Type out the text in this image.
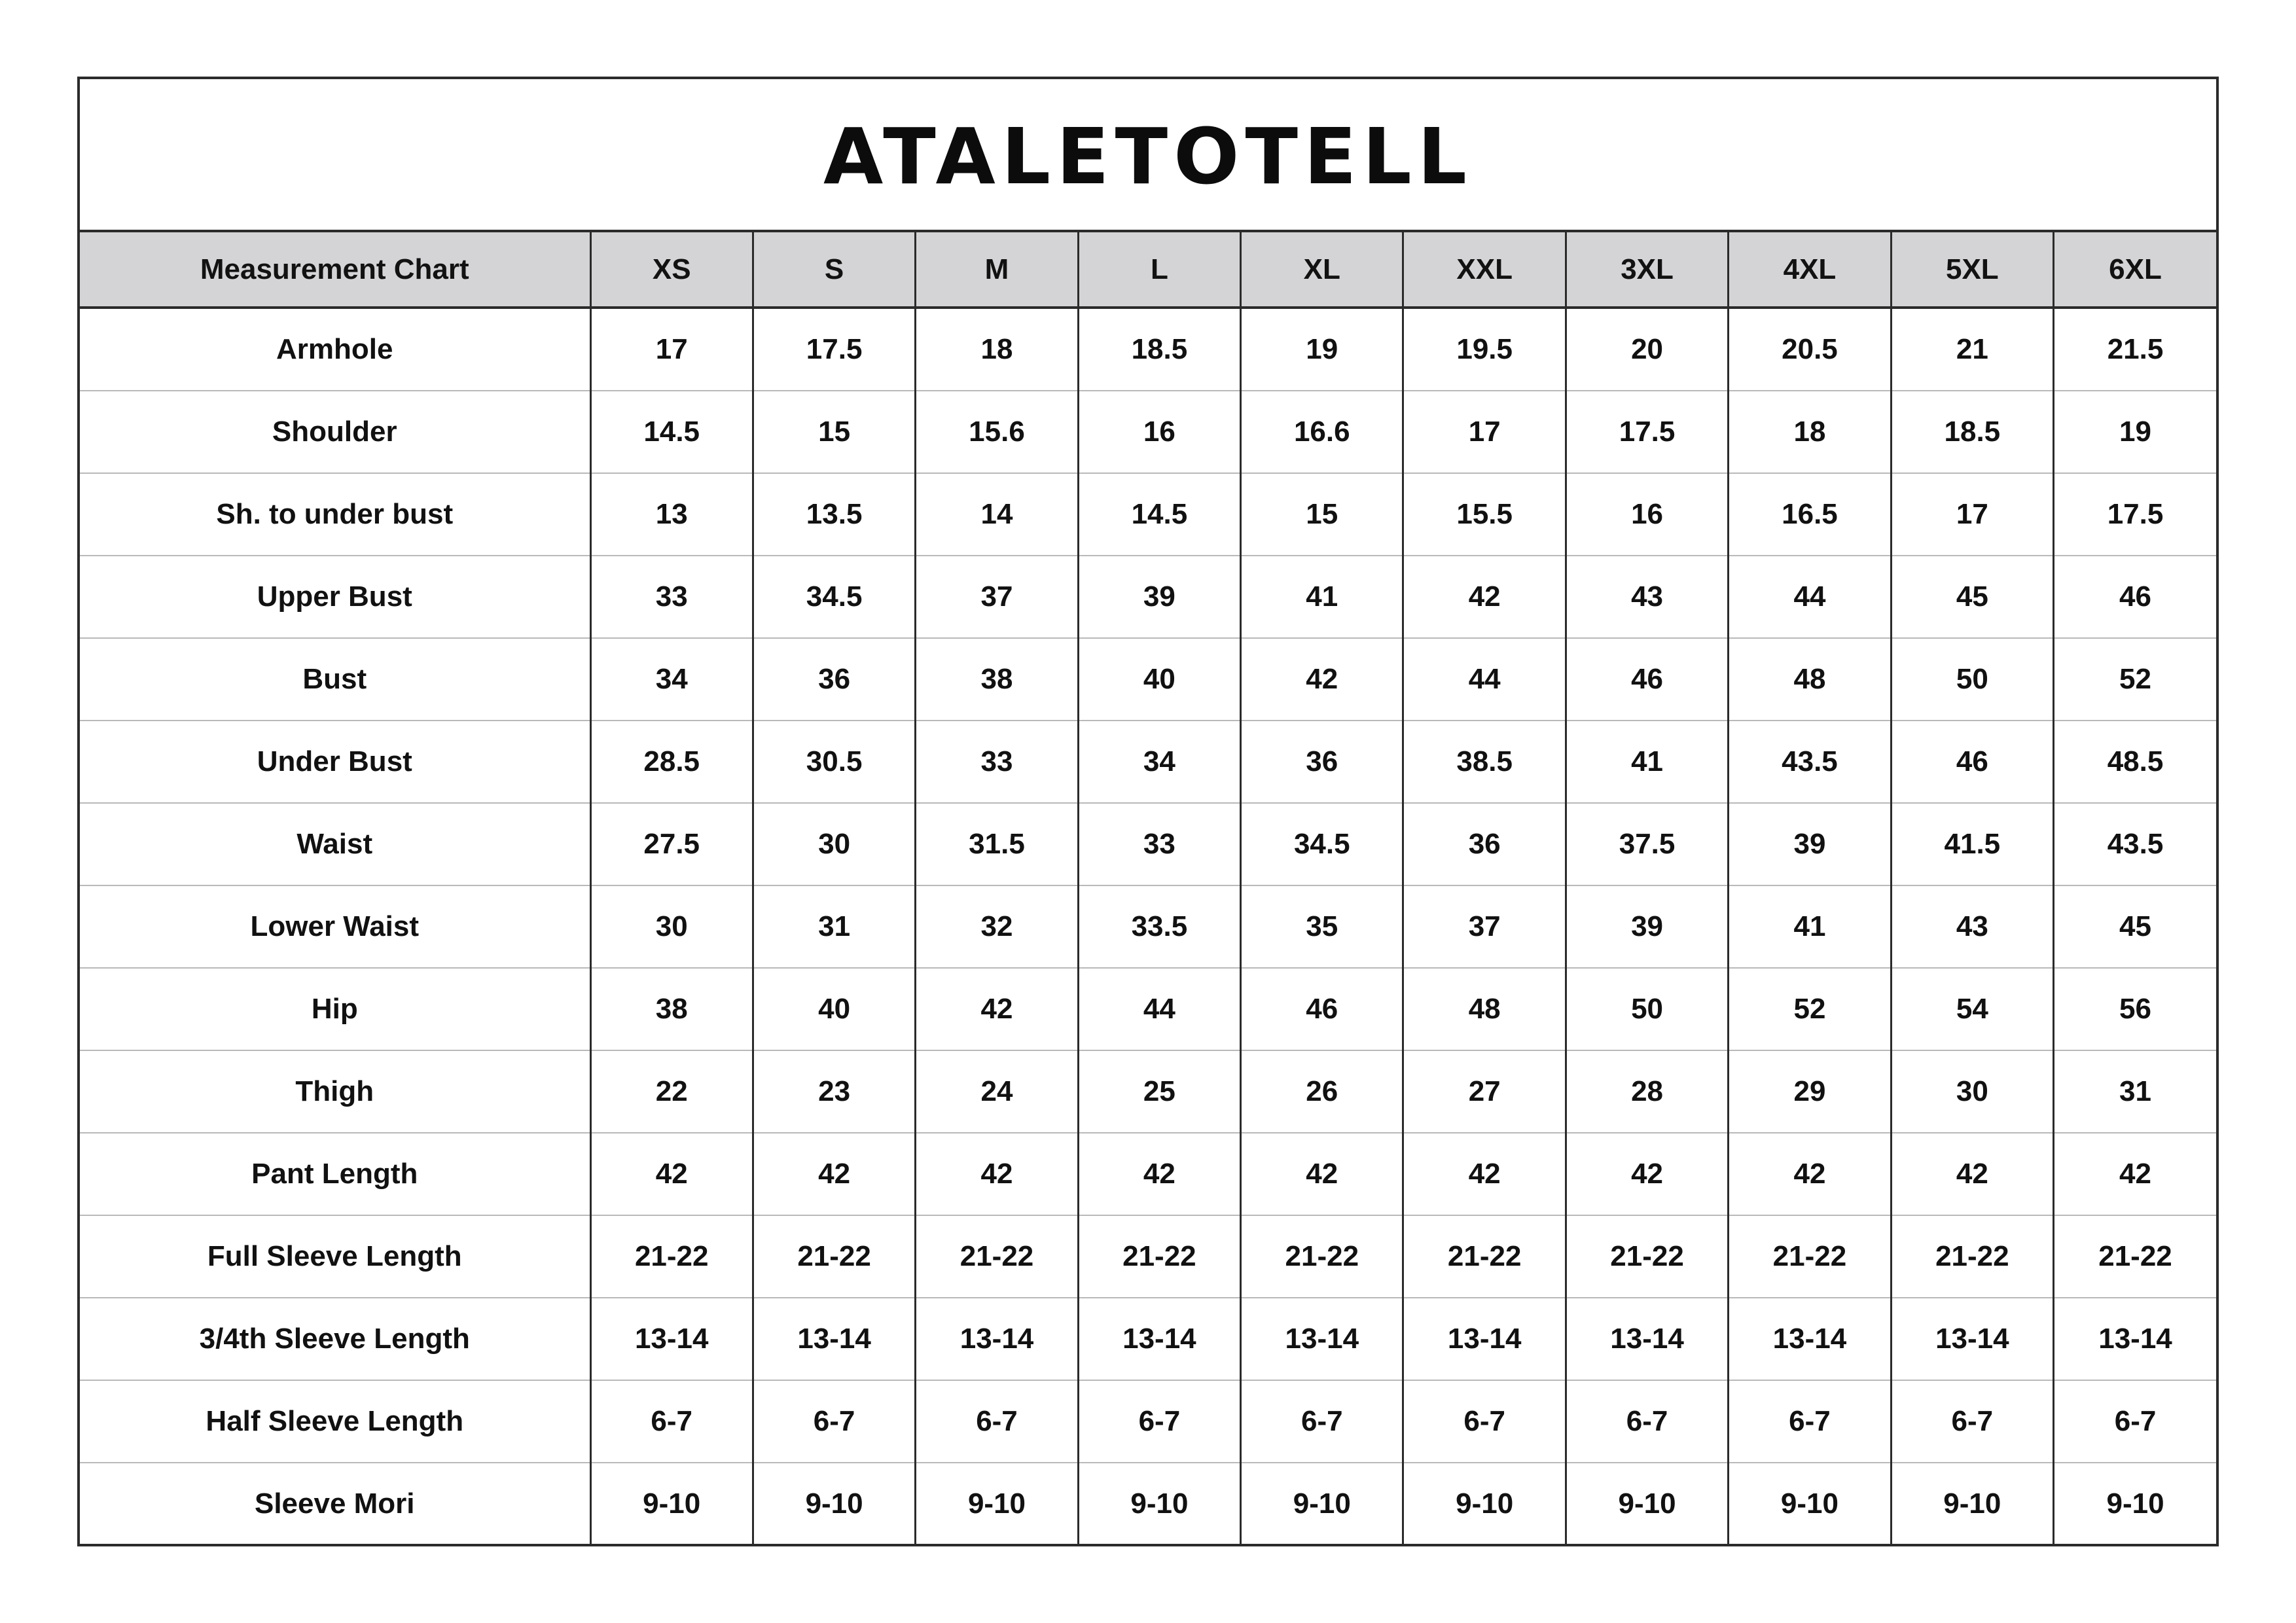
ATALETOTELL
Measurement Chart	XS	S	M	L	XL	XXL	3XL	4XL	5XL	6XL
Armhole	17	17.5	18	18.5	19	19.5	20	20.5	21	21.5
Shoulder	14.5	15	15.6	16	16.6	17	17.5	18	18.5	19
Sh. to under bust	13	13.5	14	14.5	15	15.5	16	16.5	17	17.5
Upper Bust	33	34.5	37	39	41	42	43	44	45	46
Bust	34	36	38	40	42	44	46	48	50	52
Under Bust	28.5	30.5	33	34	36	38.5	41	43.5	46	48.5
Waist	27.5	30	31.5	33	34.5	36	37.5	39	41.5	43.5
Lower Waist	30	31	32	33.5	35	37	39	41	43	45
Hip	38	40	42	44	46	48	50	52	54	56
Thigh	22	23	24	25	26	27	28	29	30	31
Pant Length	42	42	42	42	42	42	42	42	42	42
Full Sleeve Length	21-22	21-22	21-22	21-22	21-22	21-22	21-22	21-22	21-22	21-22
3/4th Sleeve Length	13-14	13-14	13-14	13-14	13-14	13-14	13-14	13-14	13-14	13-14
Half Sleeve Length	6-7	6-7	6-7	6-7	6-7	6-7	6-7	6-7	6-7	6-7
Sleeve Mori	9-10	9-10	9-10	9-10	9-10	9-10	9-10	9-10	9-10	9-10
